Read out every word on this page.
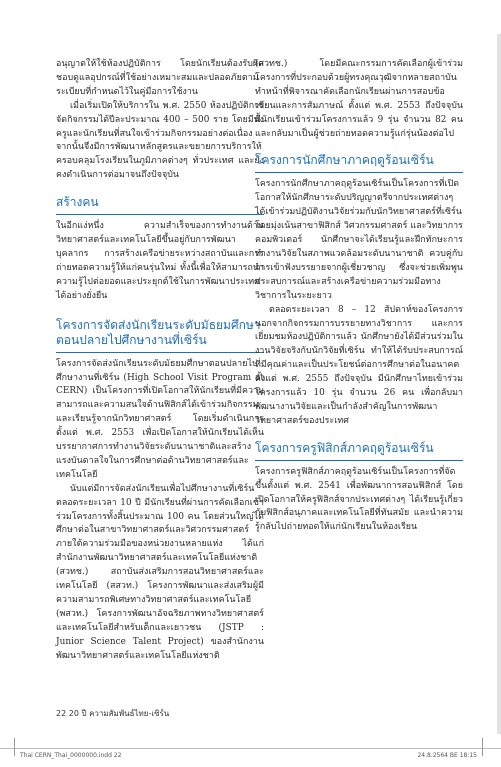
อนุญาตให้ใช้ห้องปฏิบัติการ โดยนักเรียนต้องรับผิดชอบดูแลอุปกรณ์ที่ใช้อย่างเหมาะสมและปลอดภัยตามระเบียบที่กำหนดไว้ในคู่มือการใช้งาน

เมื่อเริ่มเปิดให้บริการใน พ.ศ. 2550 ห้องปฏิบัติการจัดกิจกรรมได้ปีละประมาณ 400 – 500 ราย โดยมีทั้งครูและนักเรียนที่สนใจเข้าร่วมกิจกรรมอย่างต่อเนื่อง จากนั้นจึงมีการพัฒนาหลักสูตรและขยายการบริการให้ครอบคลุมโรงเรียนในภูมิภาคต่างๆ ทั่วประเทศ และยังคงดำเนินการต่อมาจนถึงปัจจุบัน

สร้างคน

ในอีกแง่หนึ่ง ความสำเร็จของการทำงานด้านวิทยาศาสตร์และเทคโนโลยีขึ้นอยู่กับการพัฒนาบุคลากร การสร้างเครือข่ายระหว่างสถาบันและการถ่ายทอดความรู้ให้แก่คนรุ่นใหม่ ทั้งนี้เพื่อให้สามารถนำความรู้ไปต่อยอดและประยุกต์ใช้ในการพัฒนาประเทศได้อย่างยั่งยืน

โครงการจัดส่งนักเรียนระดับมัธยมศึกษาตอนปลายไปศึกษางานที่เซิร์น

โครงการจัดส่งนักเรียนระดับมัธยมศึกษาตอนปลายไปศึกษางานที่เซิร์น (High School Visit Program at CERN) เป็นโครงการที่เปิดโอกาสให้นักเรียนที่มีความสามารถและความสนใจด้านฟิสิกส์ได้เข้าร่วมกิจกรรมและเรียนรู้จากนักวิทยาศาสตร์ โดยเริ่มดำเนินการตั้งแต่ พ.ศ. 2553 เพื่อเปิดโอกาสให้นักเรียนได้เห็นบรรยากาศการทำงานวิจัยระดับนานาชาติและสร้างแรงบันดาลใจในการศึกษาต่อด้านวิทยาศาสตร์และเทคโนโลยี

นับแต่มีการจัดส่งนักเรียนเพื่อไปศึกษางานที่เซิร์นตลอดระยะเวลา 10 ปี มีนักเรียนที่ผ่านการคัดเลือกเข้าร่วมโครงการทั้งสิ้นประมาณ 100 คน โดยส่วนใหญ่ได้ศึกษาต่อในสาขาวิทยาศาสตร์และวิศวกรรมศาสตร์ ภายใต้ความร่วมมือของหน่วยงานหลายแห่ง ได้แก่ สำนักงานพัฒนาวิทยาศาสตร์และเทคโนโลยีแห่งชาติ (สวทช.) สถาบันส่งเสริมการสอนวิทยาศาสตร์และเทคโนโลยี (สสวท.) โครงการพัฒนาและส่งเสริมผู้มีความสามารถพิเศษทางวิทยาศาสตร์และเทคโนโลยี (พสวท.) โครงการพัฒนาอัจฉริยภาพทางวิทยาศาสตร์และเทคโนโลยีสำหรับเด็กและเยาวชน (JSTP : Junior Science Talent Project) ของสำนักงานพัฒนาวิทยาศาสตร์และเทคโนโลยีแห่งชาติ

(สวทช.) โดยมีคณะกรรมการคัดเลือกผู้เข้าร่วมโครงการที่ประกอบด้วยผู้ทรงคุณวุฒิจากหลายสถาบัน ทำหน้าที่พิจารณาคัดเลือกนักเรียนผ่านการสอบข้อเขียนและการสัมภาษณ์ ตั้งแต่ พ.ศ. 2553 ถึงปัจจุบัน มีนักเรียนเข้าร่วมโครงการแล้ว 9 รุ่น จำนวน 82 คน และกลับมาเป็นผู้ช่วยถ่ายทอดความรู้แก่รุ่นน้องต่อไป

โครงการนักศึกษาภาคฤดูร้อนเซิร์น

โครงการนักศึกษาภาคฤดูร้อนเซิร์นเป็นโครงการที่เปิดโอกาสให้นักศึกษาระดับปริญญาตรีจากประเทศต่างๆ ได้เข้าร่วมปฏิบัติงานวิจัยร่วมกับนักวิทยาศาสตร์ที่เซิร์น โดยมุ่งเน้นสาขาฟิสิกส์ วิศวกรรมศาสตร์ และวิทยาการคอมพิวเตอร์ นักศึกษาจะได้เรียนรู้และฝึกทักษะการทำงานวิจัยในสภาพแวดล้อมระดับนานาชาติ ควบคู่กับการเข้าฟังบรรยายจากผู้เชี่ยวชาญ ซึ่งจะช่วยเพิ่มพูนประสบการณ์และสร้างเครือข่ายความร่วมมือทางวิชาการในระยะยาว

ตลอดระยะเวลา 8 – 12 สัปดาห์ของโครงการ นอกจากกิจกรรมการบรรยายทางวิชาการ และการเยี่ยมชมห้องปฏิบัติการแล้ว นักศึกษายังได้มีส่วนร่วมในงานวิจัยจริงกับนักวิจัยที่เซิร์น ทำให้ได้รับประสบการณ์ที่มีคุณค่าและเป็นประโยชน์ต่อการศึกษาต่อในอนาคต ตั้งแต่ พ.ศ. 2555 ถึงปัจจุบัน มีนักศึกษาไทยเข้าร่วมโครงการแล้ว 10 รุ่น จำนวน 26 คน เพื่อกลับมาพัฒนางานวิจัยและเป็นกำลังสำคัญในการพัฒนาวิทยาศาสตร์ของประเทศ

โครงการครูฟิสิกส์ภาคฤดูร้อนเซิร์น

โครงการครูฟิสิกส์ภาคฤดูร้อนเซิร์นเป็นโครงการที่จัดขึ้นตั้งแต่ พ.ศ. 2541 เพื่อพัฒนาการสอนฟิสิกส์ โดยเปิดโอกาสให้ครูฟิสิกส์จากประเทศต่างๆ ได้เรียนรู้เกี่ยวกับฟิสิกส์อนุภาคและเทคโนโลยีที่ทันสมัย และนำความรู้กลับไปถ่ายทอดให้แก่นักเรียนในห้องเรียน

22 20 ปี ความสัมพันธ์ไทย-เซิร์น
Thai CERN_Thai_0000000.indd 22	24.8.2564 BE 18:15
